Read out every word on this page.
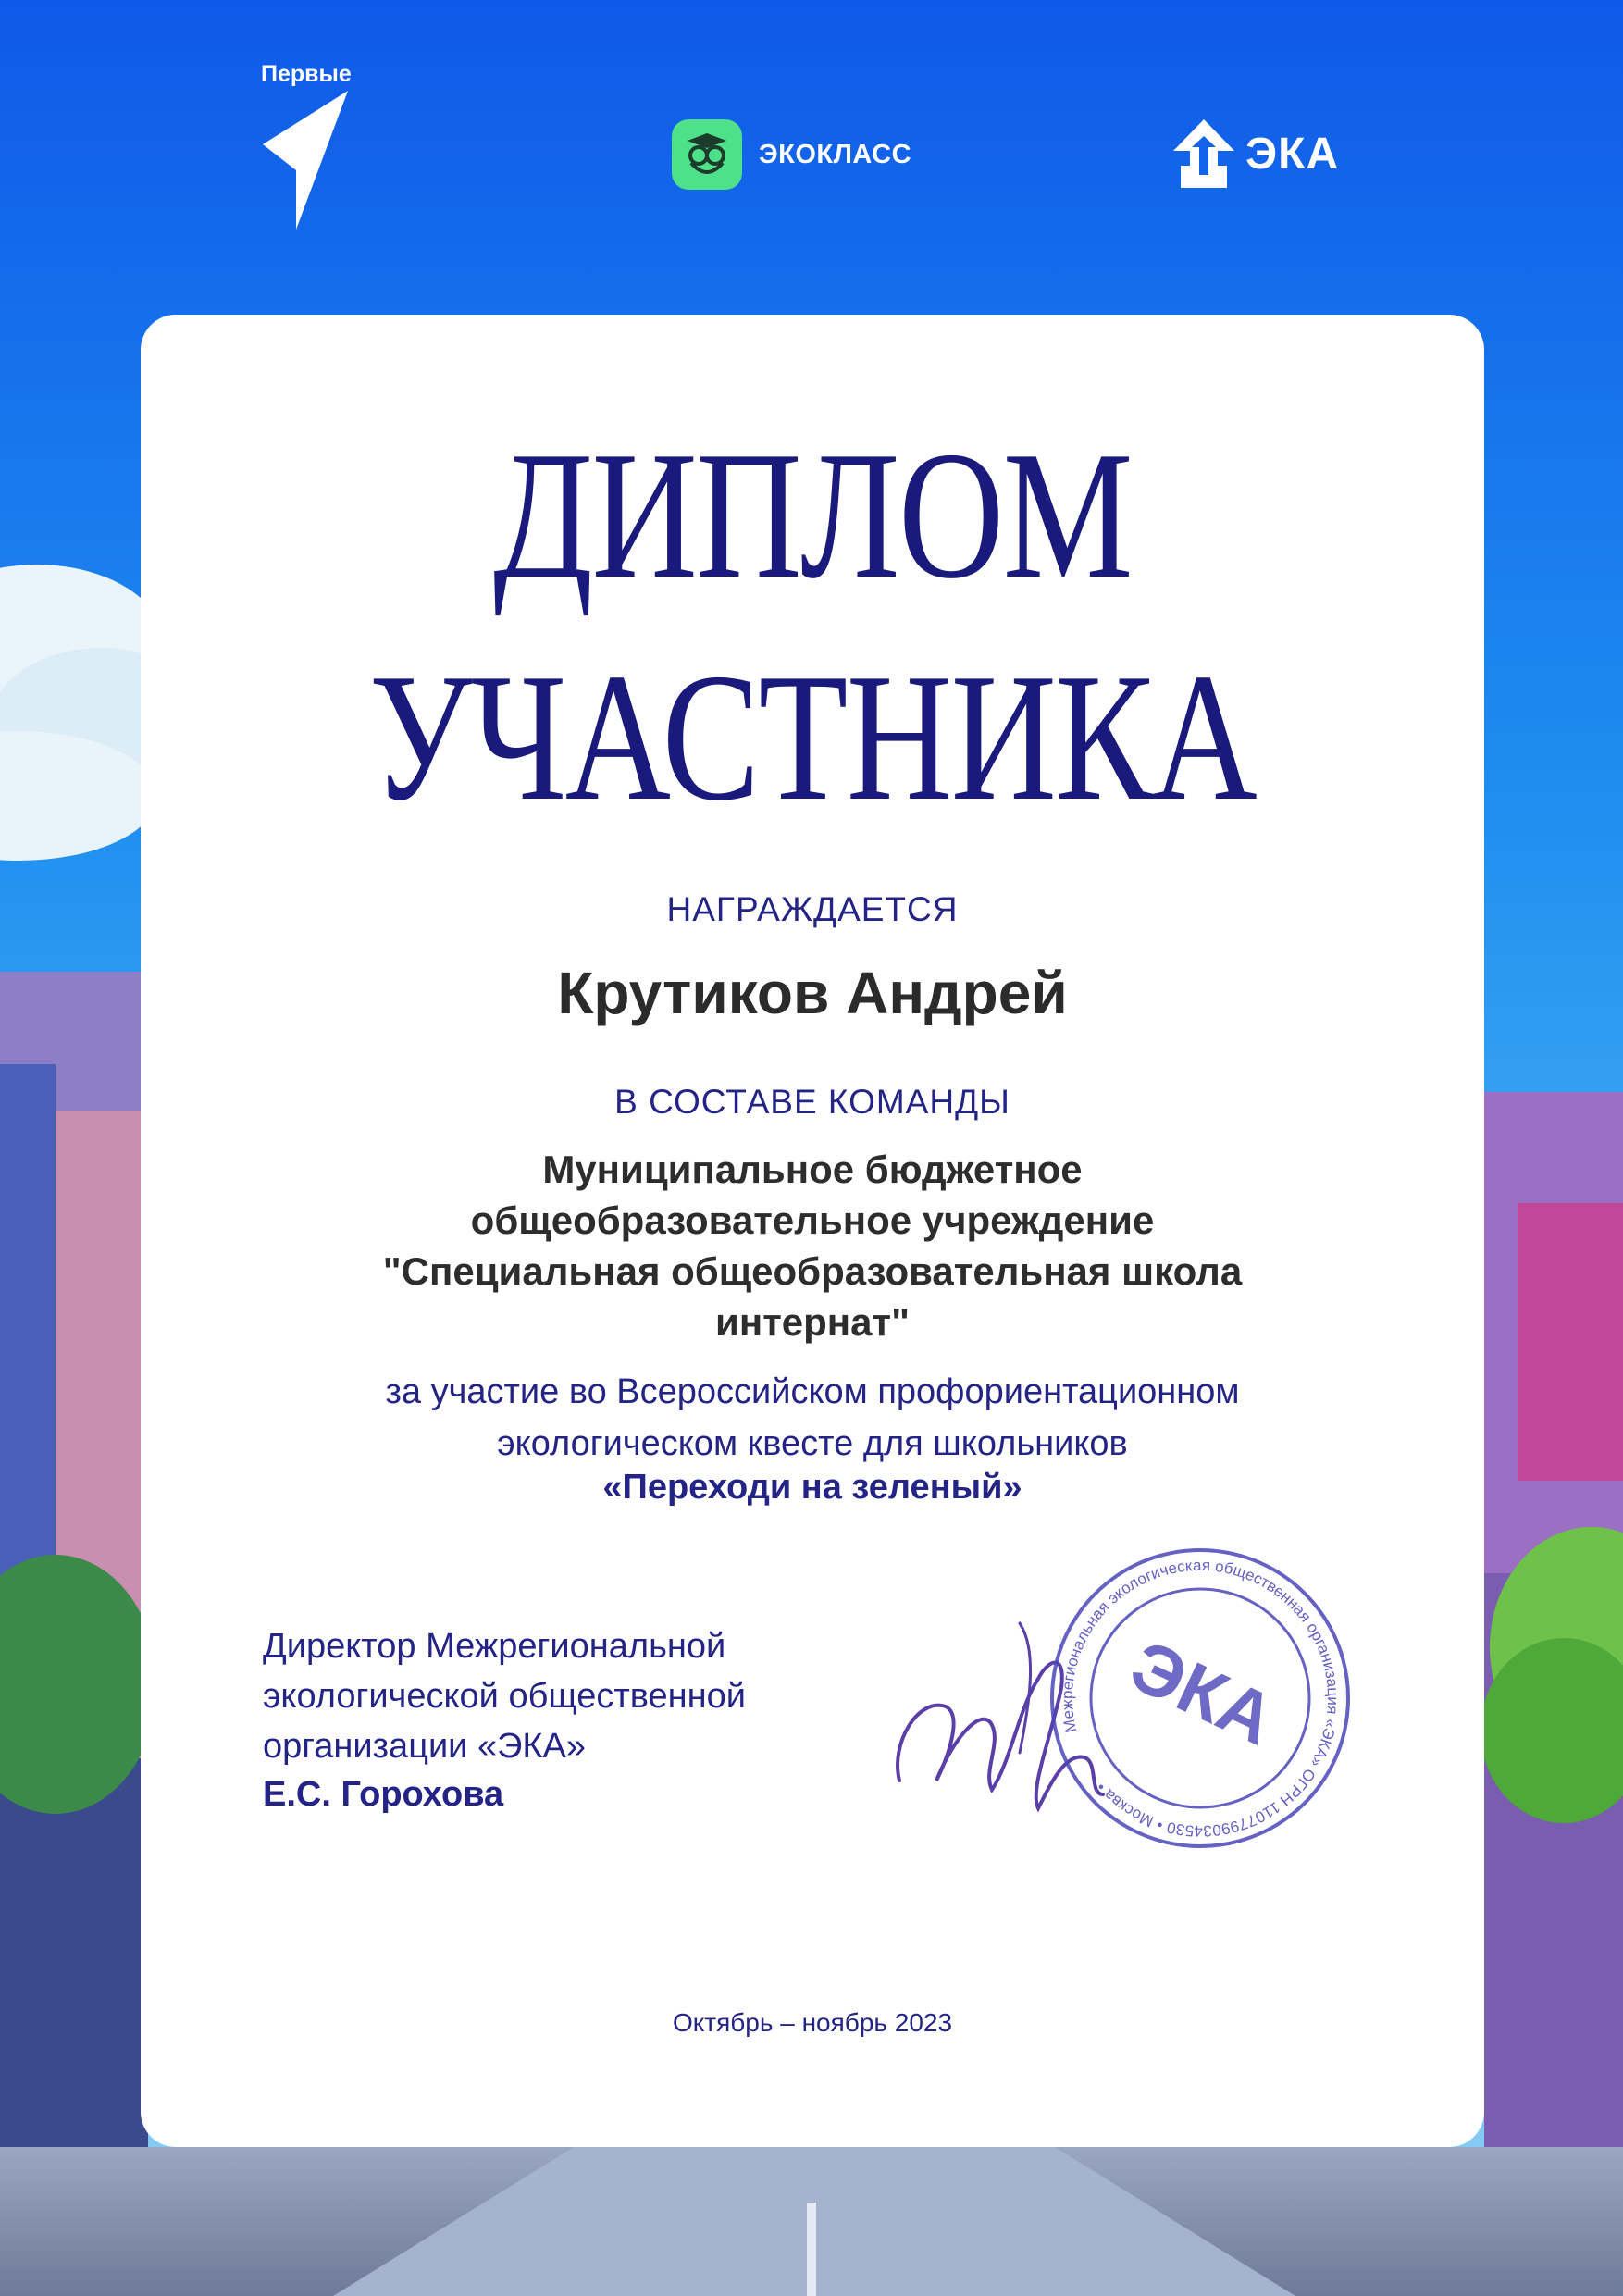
Первые
ЭКОКЛАСС	ЭКА
ДИПЛОМ
УЧАСТНИКА
НАГРАЖДАЕТСЯ
Крутиков Андрей
В СОСТАВЕ КОМАНДЫ
Муниципальное бюджетное
общеобразовательное учреждение
"Специальная общеобразовательная школа
интернат"
за участие во Всероссийском профориентационном
экологическом квесте для школьников
«Переходи на зеленый»
Директор Межрегиональной
экологической общественной
организации «ЭКА»
Е.С. Горохова
Межрегиональная экологическая общественная организация «ЭКА» ОГРН 1107799034530 • Москва •
ЭКА
Октябрь – ноябрь 2023
